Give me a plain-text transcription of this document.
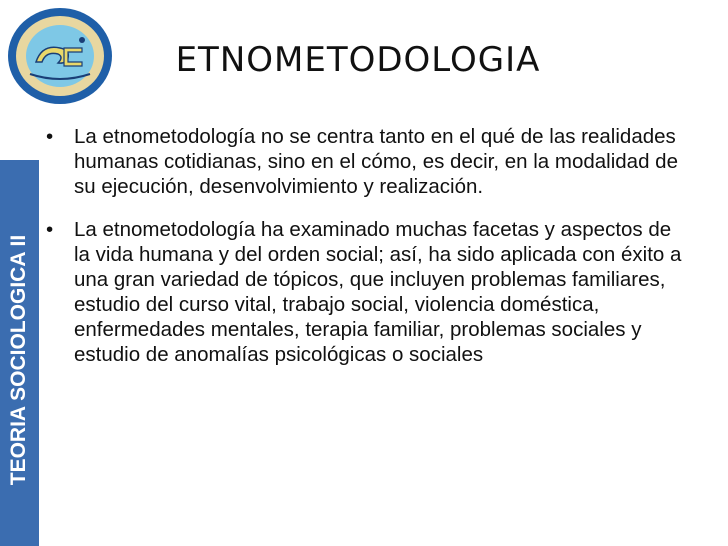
TEORIA SOCIOLOGICA II
ETNOMETODOLOGIA
• La etnometodología no se centra tanto en el qué de las realidades humanas cotidianas, sino en el cómo, es decir, en la modalidad de su ejecución, desenvolvimiento y realización.
• La etnometodología ha examinado muchas facetas y aspectos de la vida humana y del orden social; así, ha sido aplicada con éxito a una gran variedad de tópicos, que incluyen problemas familiares, estudio del curso vital, trabajo social, violencia doméstica, enfermedades mentales, terapia familiar, problemas sociales y estudio de anomalías psicológicas o sociales
